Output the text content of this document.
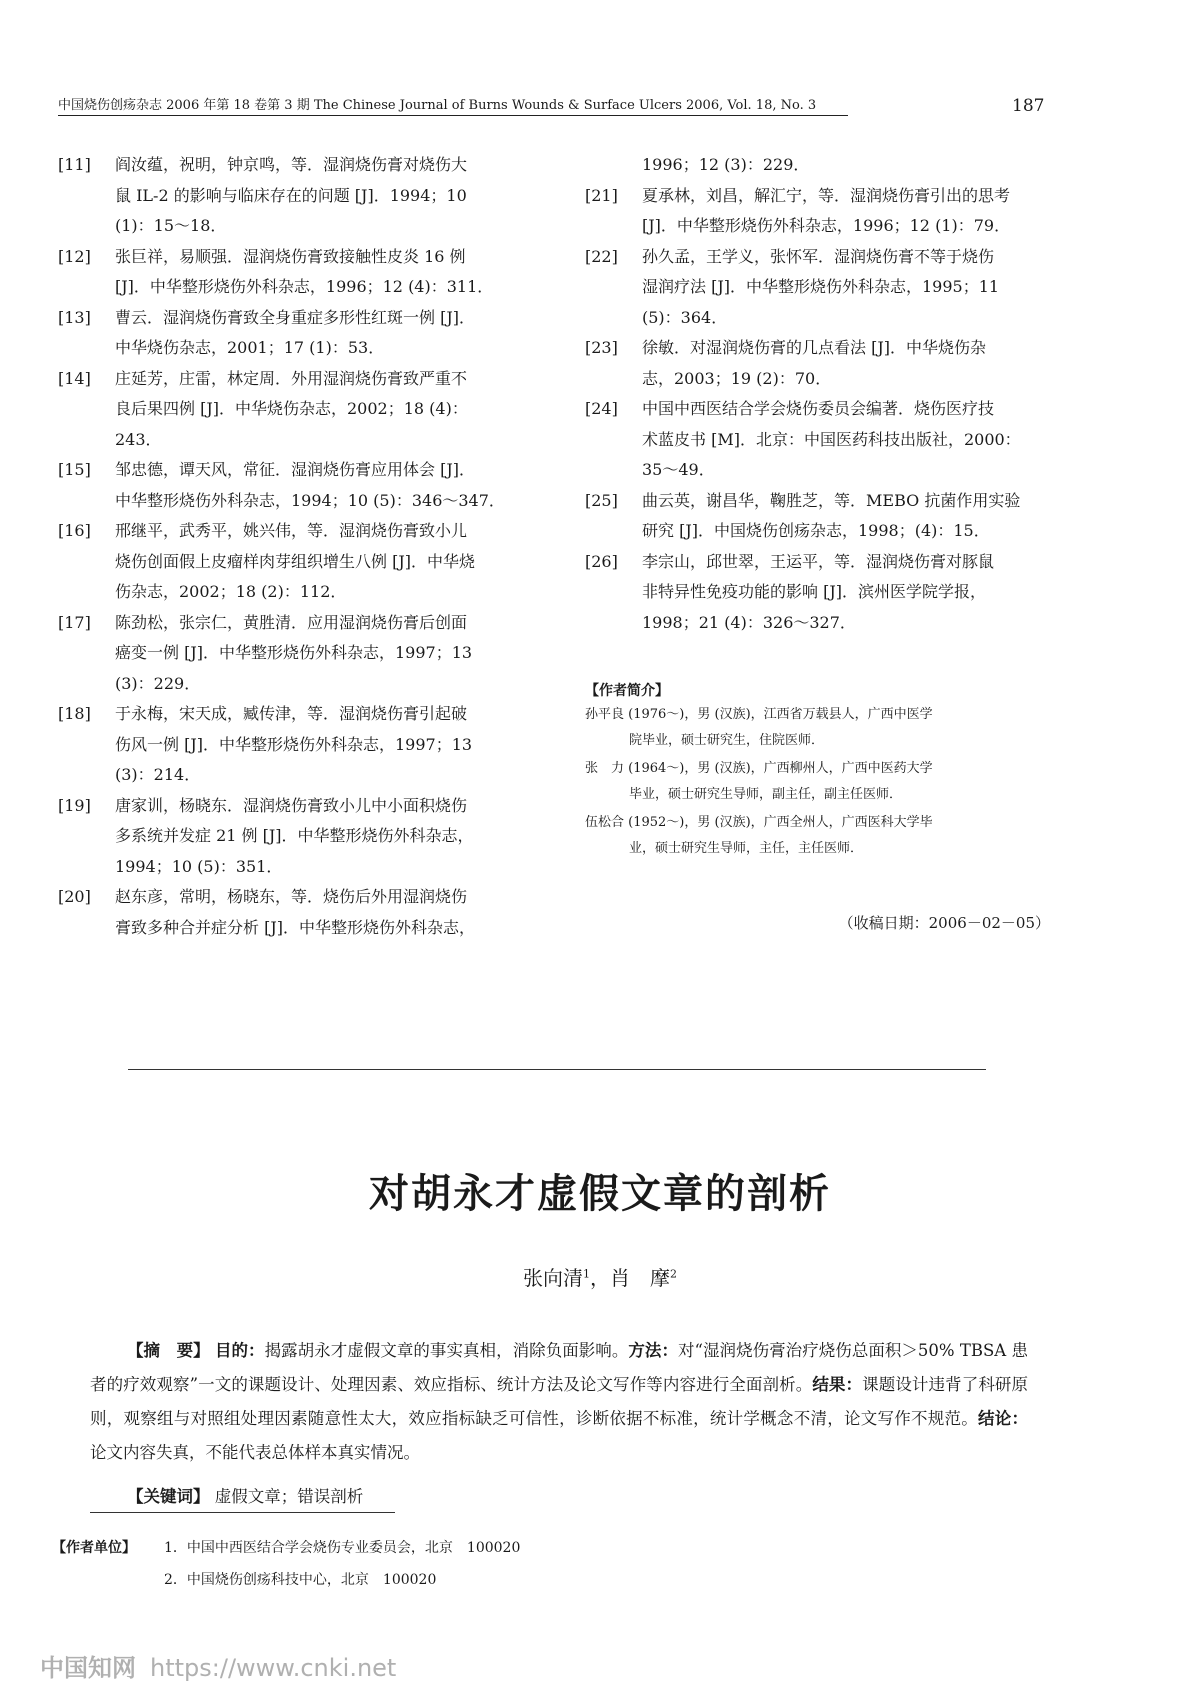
中国烧伤创疡杂志 2006 年第 18 卷第 3 期 The Chinese Journal of Burns Wounds & Surface Ulcers 2006, Vol. 18, No. 3	187
[11]	阎汝蕴，祝明，钟京鸣，等．湿润烧伤膏对烧伤大
鼠 IL-2 的影响与临床存在的问题 [J]．1994；10
(1)：15～18．
[12]	张巨祥，易顺强．湿润烧伤膏致接触性皮炎 16 例
[J]．中华整形烧伤外科杂志，1996；12 (4)：311．
[13]	曹云．湿润烧伤膏致全身重症多形性红斑一例 [J]．
中华烧伤杂志，2001；17 (1)：53．
[14]	庄延芳，庄雷，林定周．外用湿润烧伤膏致严重不
良后果四例 [J]．中华烧伤杂志，2002；18 (4)：
243．
[15]	邹忠德，谭天风，常征．湿润烧伤膏应用体会 [J]．
中华整形烧伤外科杂志，1994；10 (5)：346～347．
[16]	邢继平，武秀平，姚兴伟，等．湿润烧伤膏致小儿
烧伤创面假上皮瘤样肉芽组织增生八例 [J]．中华烧
伤杂志，2002；18 (2)：112．
[17]	陈劲松，张宗仁，黄胜清．应用湿润烧伤膏后创面
癌变一例 [J]．中华整形烧伤外科杂志，1997；13
(3)：229．
[18]	于永梅，宋天成，臧传津，等．湿润烧伤膏引起破
伤风一例 [J]．中华整形烧伤外科杂志，1997；13
(3)：214．
[19]	唐家训，杨晓东．湿润烧伤膏致小儿中小面积烧伤
多系统并发症 21 例 [J]．中华整形烧伤外科杂志，
1994；10 (5)：351．
[20]	赵东彦，常明，杨晓东，等．烧伤后外用湿润烧伤
膏致多种合并症分析 [J]．中华整形烧伤外科杂志，
1996；12 (3)：229．
[21]	夏承林，刘昌，解汇宁，等．湿润烧伤膏引出的思考
[J]．中华整形烧伤外科杂志，1996；12 (1)：79．
[22]	孙久孟，王学义，张怀军．湿润烧伤膏不等于烧伤
湿润疗法 [J]．中华整形烧伤外科杂志，1995；11
(5)：364．
[23]	徐敏．对湿润烧伤膏的几点看法 [J]．中华烧伤杂
志，2003；19 (2)：70．
[24]	中国中西医结合学会烧伤委员会编著．烧伤医疗技
术蓝皮书 [M]．北京：中国医药科技出版社，2000：
35～49．
[25]	曲云英，谢昌华，鞠胜芝，等．MEBO 抗菌作用实验
研究 [J]．中国烧伤创疡杂志，1998；(4)：15．
[26]	李宗山，邱世翠，王运平，等．湿润烧伤膏对豚鼠
非特异性免疫功能的影响 [J]．滨州医学院学报，
1998；21 (4)：326～327．
【作者简介】
孙平良 (1976～)，男 (汉族)，江西省万载县人，广西中医学
院毕业，硕士研究生，住院医师．
张　力 (1964～)，男 (汉族)，广西柳州人，广西中医药大学
毕业，硕士研究生导师，副主任，副主任医师．
伍松合 (1952～)，男 (汉族)，广西全州人，广西医科大学毕
业，硕士研究生导师，主任，主任医师．
（收稿日期：2006－02－05）
对胡永才虚假文章的剖析
张向清$^1$，肖　摩$^2$
【摘　要】 目的：揭露胡永才虚假文章的事实真相，消除负面影响。方法：对“湿润烧伤膏治疗烧伤总面积＞50% TBSA 患者的疗效观察”一文的课题设计、处理因素、效应指标、统计方法及论文写作等内容进行全面剖析。结果：课题设计违背了科研原则，观察组与对照组处理因素随意性太大，效应指标缺乏可信性，诊断依据不标准，统计学概念不清，论文写作不规范。结论：论文内容失真，不能代表总体样本真实情况。
【关键词】 虚假文章；错误剖析
【作者单位】 1．中国中西医结合学会烧伤专业委员会，北京　100020
2．中国烧伤创疡科技中心，北京　100020
中国知网 https://www.cnki.net
